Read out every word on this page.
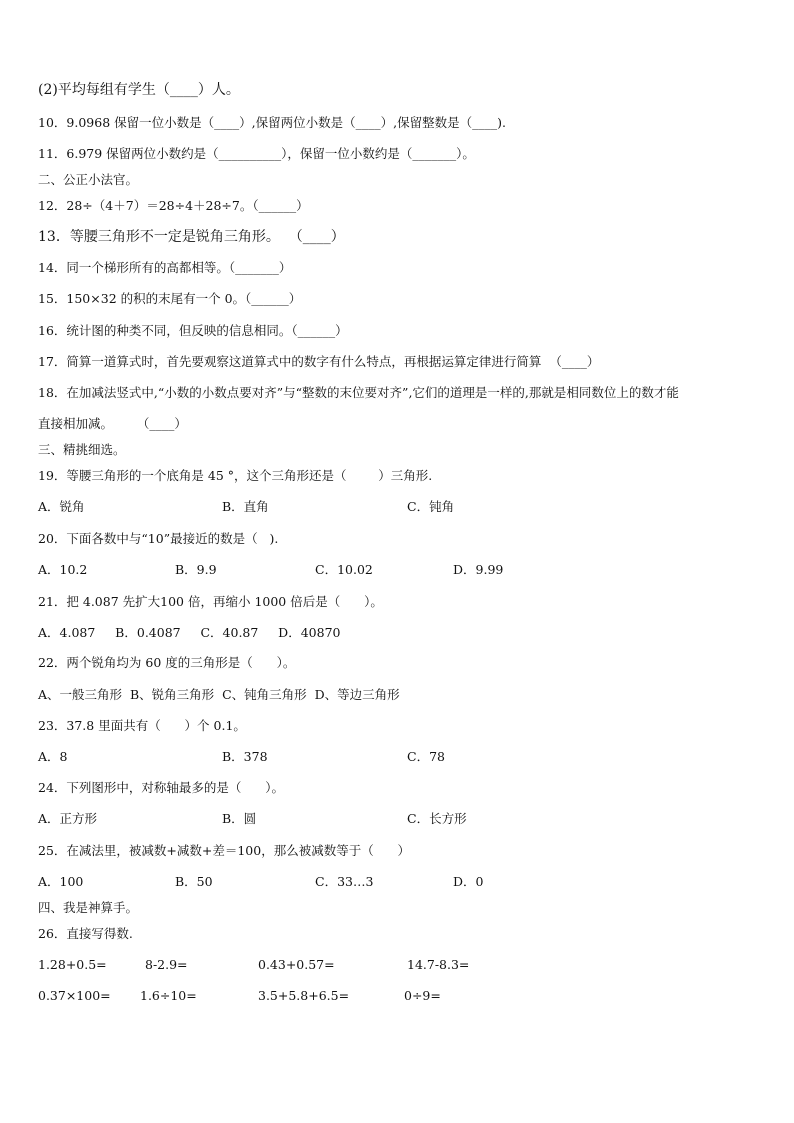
(2)平均每组有学生（____）人。
10．9.0968 保留一位小数是（____）,保留两位小数是（____）,保留整数是（____).
11．6.979 保留两位小数约是（__________），保留一位小数约是（_______）。
二、公正小法官。
12．28÷（4＋7）＝28÷4＋28÷7。（______）
13．等腰三角形不一定是锐角三角形。  （____）
14．同一个梯形所有的高都相等。（_______）
15．150×32 的积的末尾有一个 0。（______）
16．统计图的种类不同，但反映的信息相同。（______）
17．简算一道算式时，首先要观察这道算式中的数字有什么特点，再根据运算定律进行简算  （____）
18．在加减法竖式中,“小数的小数点要对齐”与“整数的末位要对齐”,它们的道理是一样的,那就是相同数位上的数才能
直接相加减。      （____）
三、精挑细选。
19．等腰三角形的一个底角是 45 °，这个三角形还是（        ）三角形.
A．锐角	B．直角	C．钝角
20．下面各数中与“10”最接近的数是（   ).
A．10.2	B．9.9	C．10.02	D．9.99
21．把 4.087 先扩大100 倍，再缩小 1000 倍后是（      ）。
A．4.087     B．0.4087     C．40.87     D．40870
22．两个锐角均为 60 度的三角形是（      ）。
A、一般三角形  B、锐角三角形  C、钝角三角形  D、等边三角形
23．37.8 里面共有（      ）个 0.1。
A．8	B．378	C．78
24．下列图形中，对称轴最多的是（      ）。
A．正方形	B．圆	C．长方形
25．在减法里，被减数+减数+差＝100，那么被减数等于（      ）
A．100	B．50	C．33…3	D．0
四、我是神算手。
26．直接写得数.
1.28+0.5=	8-2.9=	0.43+0.57=	14.7-8.3=
0.37×100= 1.6÷10=	3.5+5.8+6.5=	0÷9=
